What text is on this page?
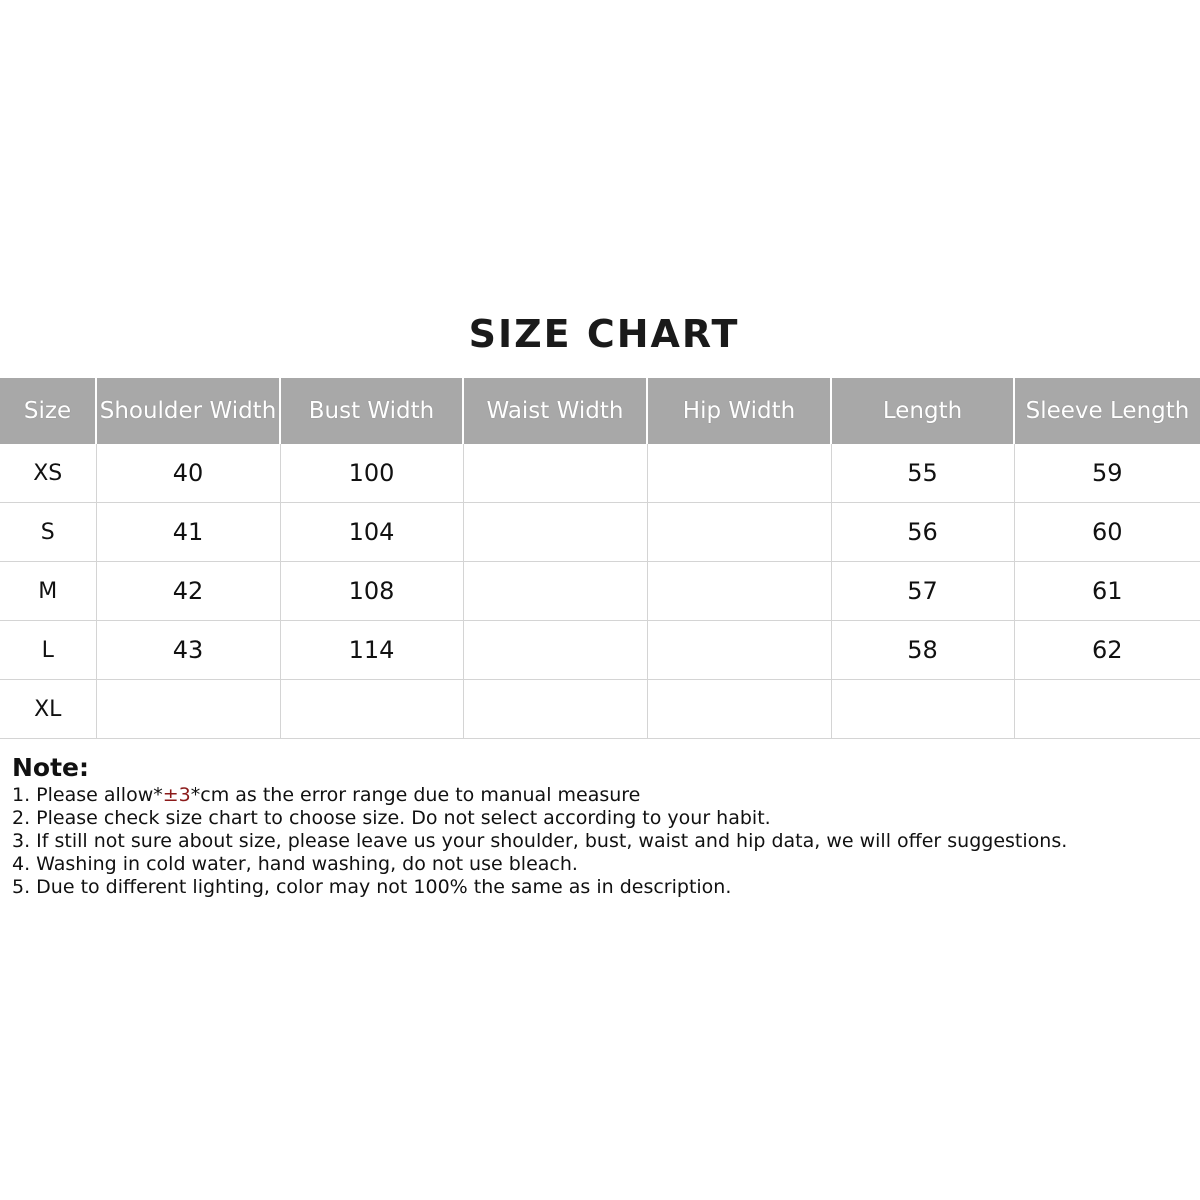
SIZE CHART
Size	Shoulder Width	Bust Width	Waist Width	Hip Width	Length	Sleeve Length
XS	40	100			55	59
S	41	104			56	60
M	42	108			57	61
L	43	114			58	62
XL						
Note:
1. Please allow*±3*cm as the error range due to manual measure
2. Please check size chart to choose size. Do not select according to your habit.
3. If still not sure about size, please leave us your shoulder, bust, waist and hip data, we will offer suggestions.
4. Washing in cold water, hand washing, do not use bleach.
5. Due to different lighting, color may not 100% the same as in description.
